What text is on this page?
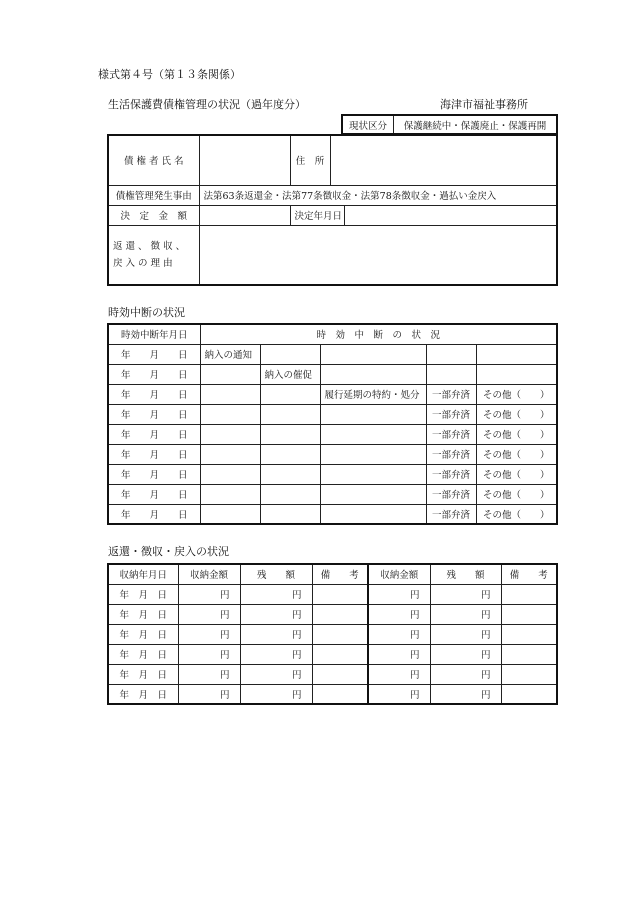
様式第４号（第１３条関係）
生活保護費債権管理の状況（過年度分）	海津市福祉事務所
現状区分	保護継続中・保護廃止・保護再開
債 権 者 氏 名		住　所		
債権管理発生事由	法第63条返還金・法第77条徴収金・法第78条徴収金・過払い金戻入			
決　定　金　額		決定年月日		

返 還 、 徴 収 、
戻 入 の 理 由				

時効中断の状況
時効中断年月日	時　効　中　断　の　状　況				
年　　月　　日	納入の通知				
年　　月　　日		納入の催促			
年　　月　　日			履行延期の特約・処分	一部弁済	その他（　　）
年　　月　　日				一部弁済	その他（　　）
年　　月　　日				一部弁済	その他（　　）
年　　月　　日				一部弁済	その他（　　）
年　　月　　日				一部弁済	その他（　　）
年　　月　　日				一部弁済	その他（　　）
年　　月　　日				一部弁済	その他（　　）
返還・徴収・戻入の状況
収納年月日	収納金額	残　　額	備　　考	収納金額	残　　額	備　　考
年　月　日	円	円		円	円	
年　月　日	円	円		円	円	
年　月　日	円	円		円	円	
年　月　日	円	円		円	円	
年　月　日	円	円		円	円	
年　月　日	円	円		円	円	
